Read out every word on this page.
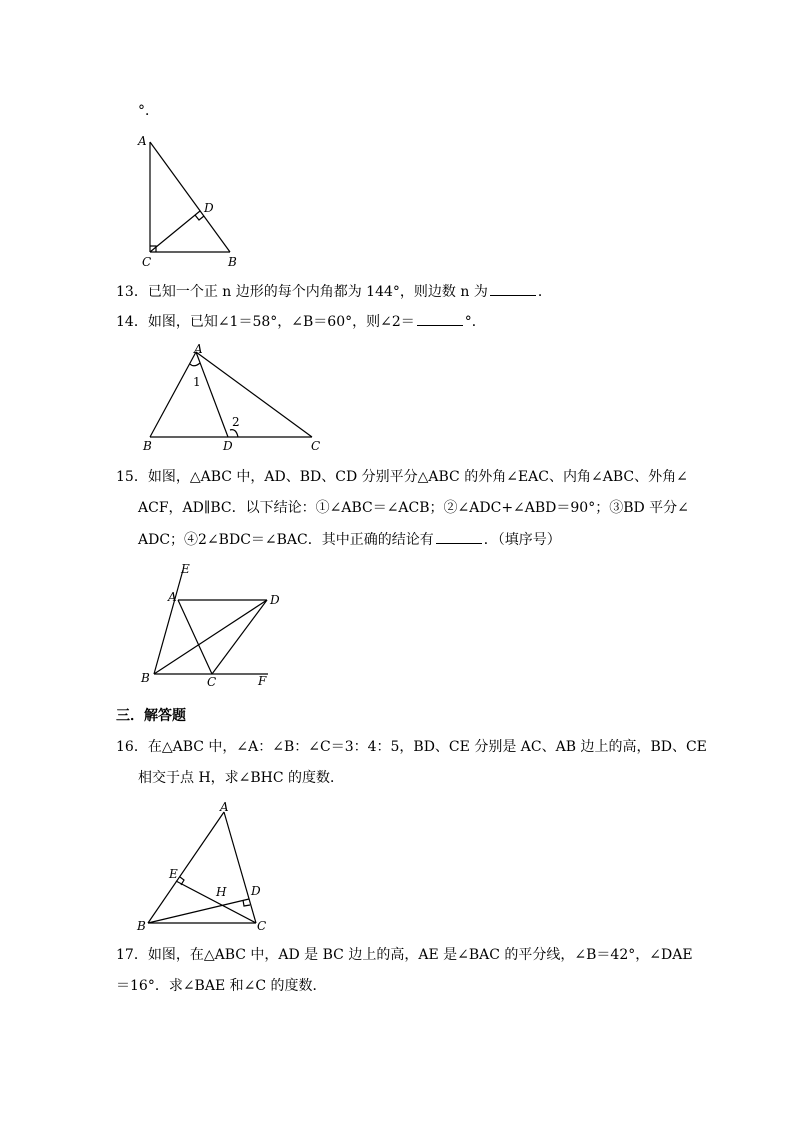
°．
A
D
C	B
13．已知一个正 n 边形的每个内角都为 144°，则边数 n 为	．
14．如图，已知∠1＝58°，∠B＝60°，则∠2＝	°．
A
1
2
B	D	C
15．如图，△ABC 中，AD、BD、CD 分别平分△ABC 的外角∠EAC、内角∠ABC、外角∠
ACF，AD∥BC．以下结论：①∠ABC＝∠ACB；②∠ADC+∠ABD＝90°；③BD 平分∠
ADC；④2∠BDC＝∠BAC．其中正确的结论有	．（填序号）
E
A	D
B	C	F
三．解答题
16．在△ABC 中，∠A：∠B：∠C＝3：4：5，BD、CE 分别是 AC、AB 边上的高，BD、CE
相交于点 H，求∠BHC 的度数．
A
E
H D
B	C
17．如图，在△ABC 中，AD 是 BC 边上的高，AE 是∠BAC 的平分线，∠B＝42°，∠DAE
＝16°．求∠BAE 和∠C 的度数．
